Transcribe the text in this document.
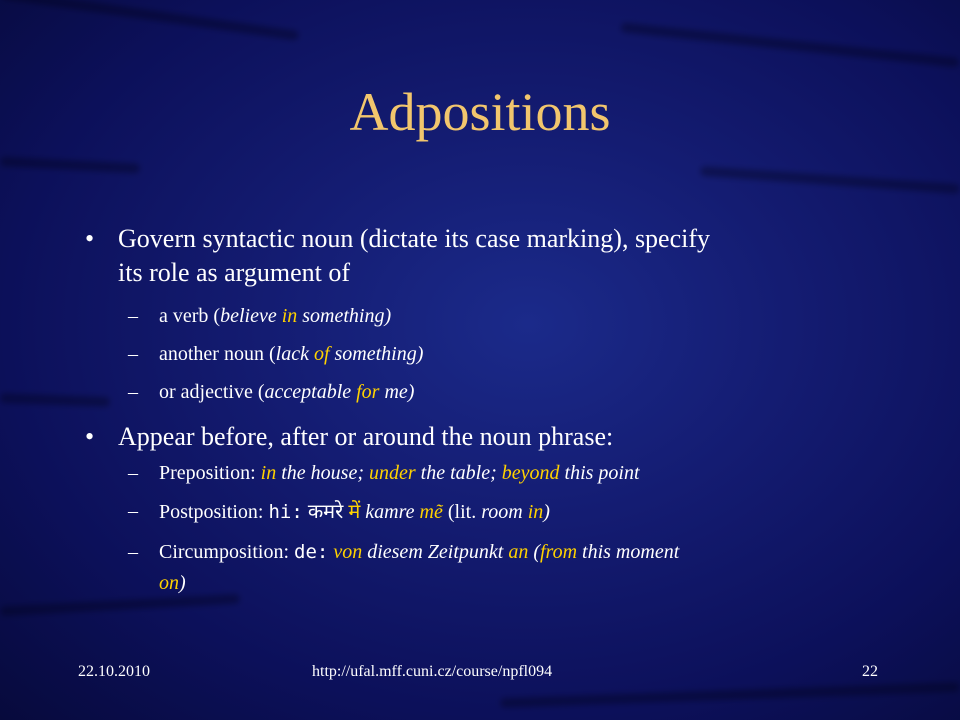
Adpositions
• Govern syntactic noun (dictate its case marking), specify
its role as argument of
– a verb (believe in something)
– another noun (lack of something)
– or adjective (acceptable for me)
• Appear before, after or around the noun phrase:
– Preposition: in the house; under the table; beyond this point
– Postposition: hi: कमरे में kamre mẽ (lit. room in)
– Circumposition: de: von diesem Zeitpunkt an (from this moment
on)
22.10.2010	http://ufal.mff.cuni.cz/course/npfl094	22
